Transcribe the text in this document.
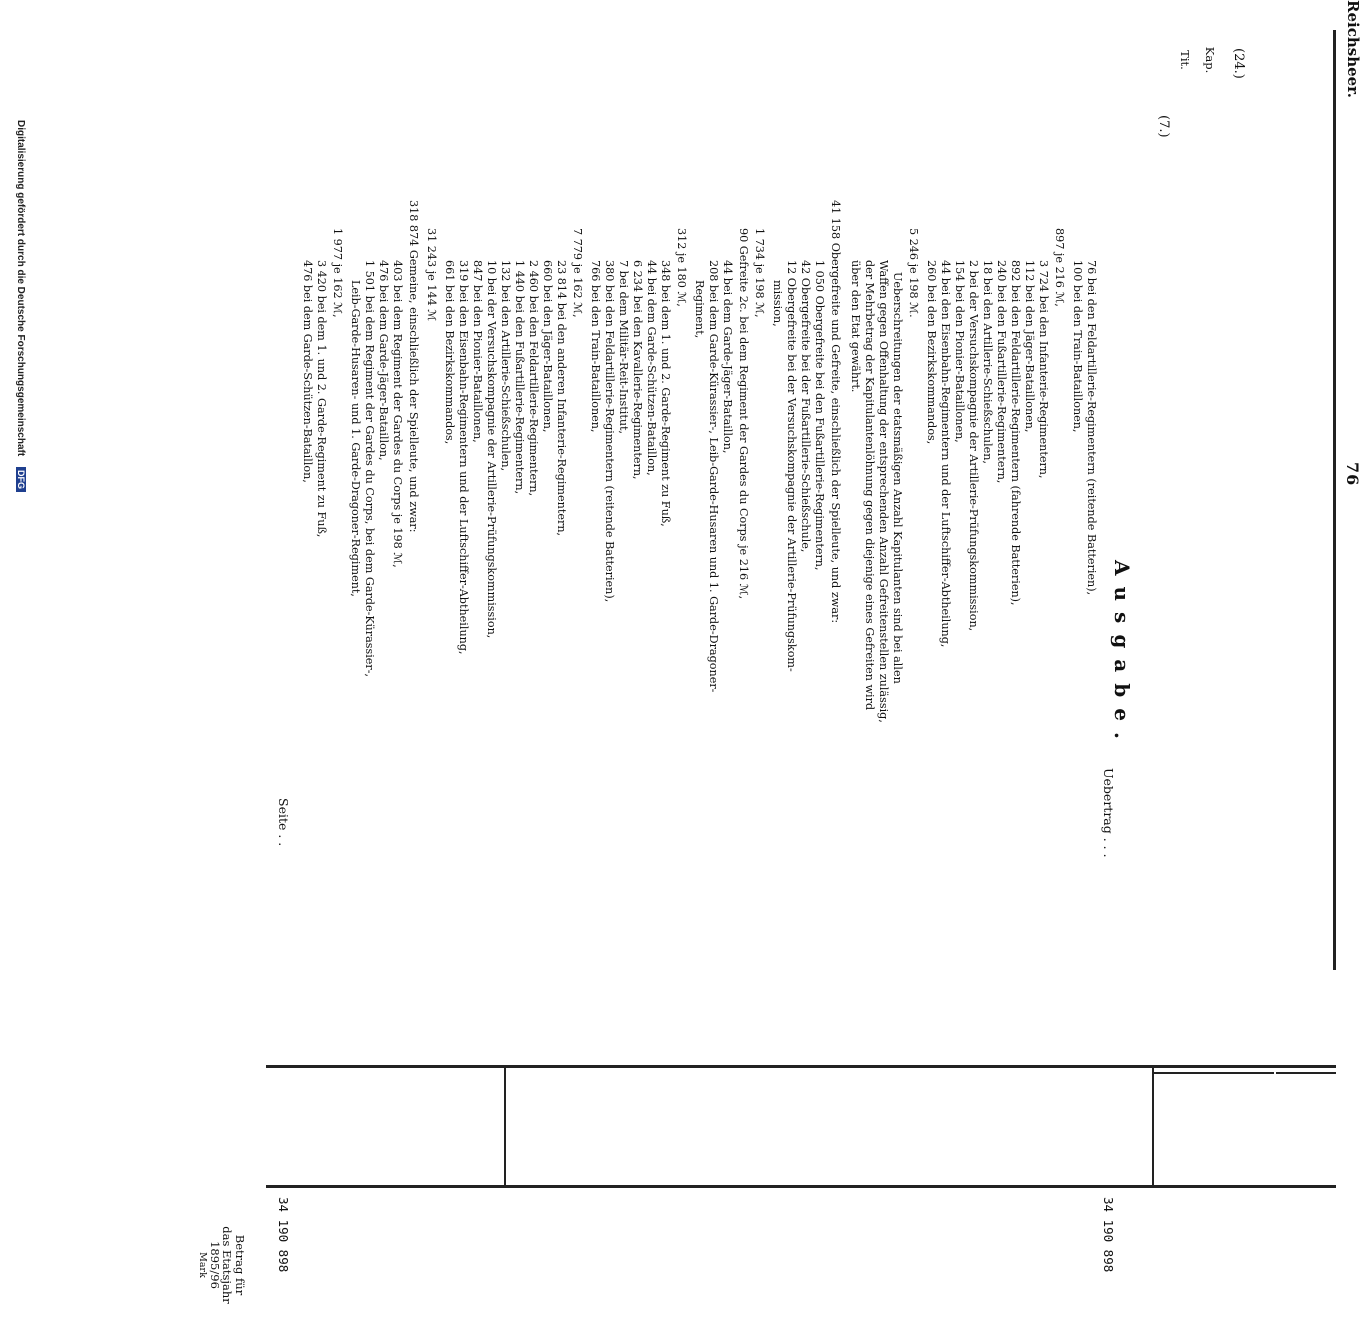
Reichsheer.
76
Kap.
Tit.	(24.)
(7.)
Ausgabe.
Betrag für
das Etatsjahr
1895/96
Mark
Uebertrag . . .
34 190 898
76 bei den Feldartillerie-Regimentern (reitende Batterien),
100 bei den Train-Bataillonen,
897 je 216 ℳ,
3 724 bei den Infanterie-Regimentern,
112 bei den Jäger-Bataillonen,
892 bei den Feldartillerie-Regimentern (fahrende Batterien),
240 bei den Fußartillerie-Regimentern,
18 bei den Artillerie-Schießschulen,
2 bei der Versuchskompagnie der Artillerie-Prüfungskommission,
154 bei den Pionier-Bataillonen,
44 bei den Eisenbahn-Regimentern und der Luftschiffer-Abtheilung,
260 bei den Bezirkskommandos,
5 246 je 198 ℳ.
Ueberschreitungen der etatsmäßigen Anzahl Kapitulanten sind bei allen
Waffen gegen Offenhaltung der entsprechenden Anzahl Gefreitenstellen zulässig,
der Mehrbetrag der Kapitulantenlöhnung gegen diejenige eines Gefreiten wird
über den Etat gewährt.
41 158 Obergefreite und Gefreite, einschließlich der Spielleute, und zwar:
1 050 Obergefreite bei den Fußartillerie-Regimentern,
42 Obergefreite bei der Fußartillerie-Schießschule,
12 Obergefreite bei der Versuchskompagnie der Artillerie-Prüfungskom-
mission,
1 734 je 198 ℳ,
90 Gefreite 2c. bei dem Regiment der Gardes du Corps je 216 ℳ,
44 bei dem Garde-Jäger-Bataillon,
208 bei dem Garde-Kürassier-, Leib-Garde-Husaren und 1. Garde-Dragoner-
Regiment,
312 je 180 ℳ,
348 bei dem 1. und 2. Garde-Regiment zu Fuß,
44 bei dem Garde-Schützen-Bataillon,
6 234 bei den Kavallerie-Regimentern,
7 bei dem Militär-Reit-Institut,
380 bei den Feldartillerie-Regimentern (reitende Batterien),
766 bei den Train-Bataillonen,
7 779 je 162 ℳ,
23 814 bei den anderen Infanterie-Regimentern,
660 bei den Jäger-Bataillonen,
2 460 bei den Feldartillerie-Regimentern,
1 440 bei den Fußartillerie-Regimentern,
132 bei den Artillerie-Schießschulen,
10 bei der Versuchskompagnie der Artillerie-Prüfungskommission,
847 bei den Pionier-Bataillonen,
319 bei den Eisenbahn-Regimentern und der Luftschiffer-Abtheilung,
661 bei den Bezirkskommandos,
31 243 je 144 ℳ
318 874 Gemeine, einschließlich der Spielleute, und zwar:
403 bei dem Regiment der Gardes du Corps je 198 ℳ,
476 bei dem Garde-Jäger-Bataillon,
1 501 bei dem Regiment der Gardes du Corps, bei dem Garde-Kürassier-,
Leib-Garde-Husaren- und 1. Garde-Dragoner-Regiment,
1 977 je 162 ℳ,
3 420 bei dem 1. und 2. Garde-Regiment zu Fuß,
476 bei dem Garde-Schützen-Bataillon,
Seite . .
34 190 898
Digitalisierung gefördert durch die Deutsche Forschungsgemeinschaft DFG
